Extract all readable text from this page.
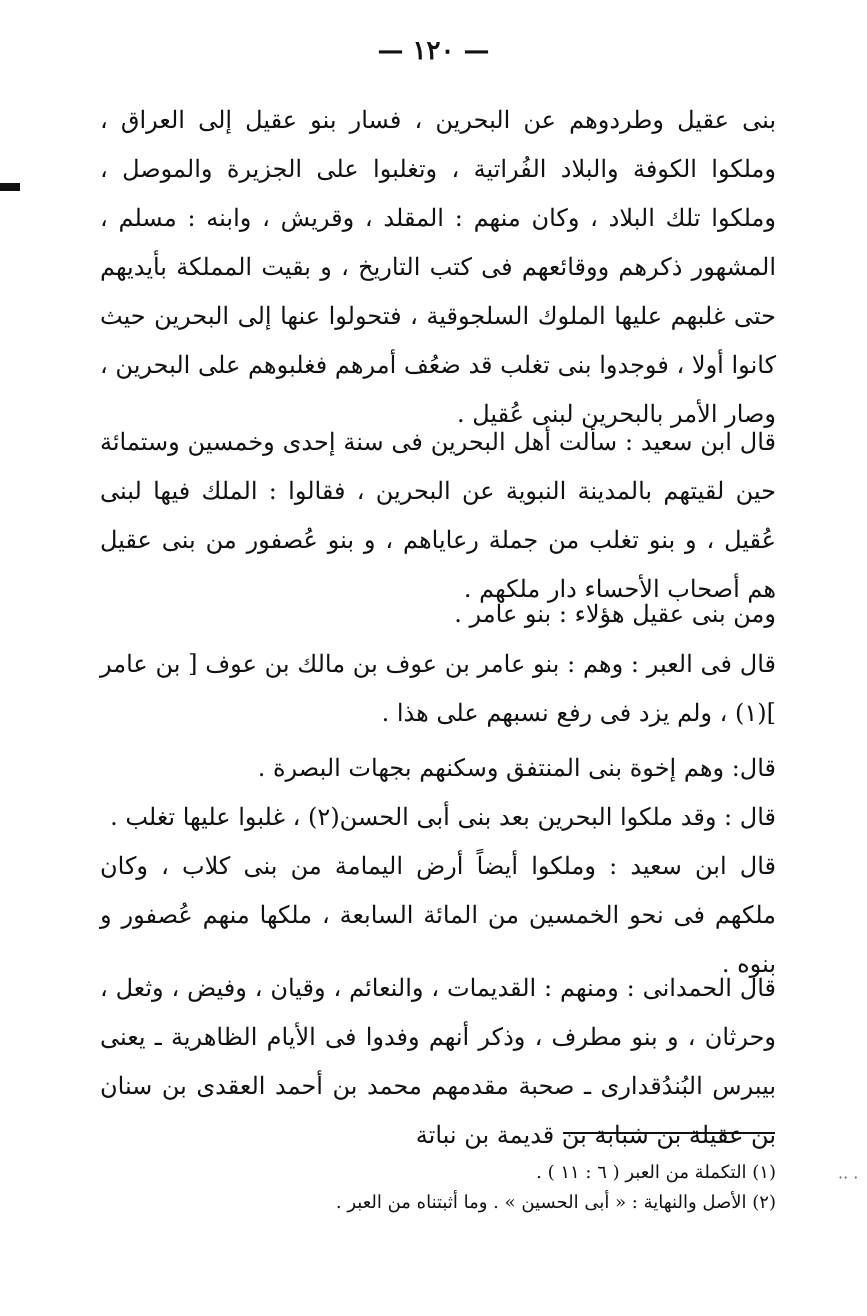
— ١٢٠ —
بنى عقيل وطردوهم عن البحرين ، فسار بنو عقيل إلى العراق ، وملكوا الكوفة والبلاد الفُراتية ، وتغلبوا على الجزيرة والموصل ، وملكوا تلك البلاد ، وكان منهم : المقلد ، وقريش ، وابنه : مسلم ، المشهور ذكرهم ووقائعهم فى كتب التاريخ ، و بقيت المملكة بأيديهم حتى غلبهم عليها الملوك السلجوقية ، فتحولوا عنها إلى البحرين حيث كانوا أولا ، فوجدوا بنى تغلب قد ضعُف أمرهم فغلبوهم على البحرين ، وصار الأمر بالبحرين لبنى عُقيل .
قال ابن سعيد : سألت أهل البحرين فى سنة إحدى وخمسين وستمائة حين لقيتهم بالمدينة النبوية عن البحرين ، فقالوا : الملك فيها لبنى عُقيل ، و بنو تغلب من جملة رعاياهم ، و بنو عُصفور من بنى عقيل هم أصحاب الأحساء دار ملكهم .
ومن بنى عقيل هؤلاء : بنو عامر .
قال فى العبر : وهم : بنو عامر بن عوف بن مالك بن عوف [ بن عامر ](١) ، ولم يزد فى رفع نسبهم على هذا .
قال: وهم إخوة بنى المنتفق وسكنهم بجهات البصرة .
قال : وقد ملكوا البحرين بعد بنى أبى الحسن(٢) ، غلبوا عليها تغلب .
قال ابن سعيد : وملكوا أيضاً أرض اليمامة من بنى كلاب ، وكان ملكهم فى نحو الخمسين من المائة السابعة ، ملكها منهم عُصفور و بنوه .
قال الحمدانى : ومنهم : القديمات ، والنعائم ، وقيان ، وفيض ، وثعل ، وحرثان ، و بنو مطرف ، وذكر أنهم وفدوا فى الأيام الظاهرية ـ يعنى بيبرس البُندُقدارى ـ صحبة مقدمهم محمد بن أحمد العقدى بن سنان بن عقيلة بن شبابة بن قديمة بن نباتة
(١) التكملة من العبر ( ٦ : ١١ ) .
(٢) الأصل والنهاية : « أبى الحسين » . وما أثبتناه من العبر .
·· ·
